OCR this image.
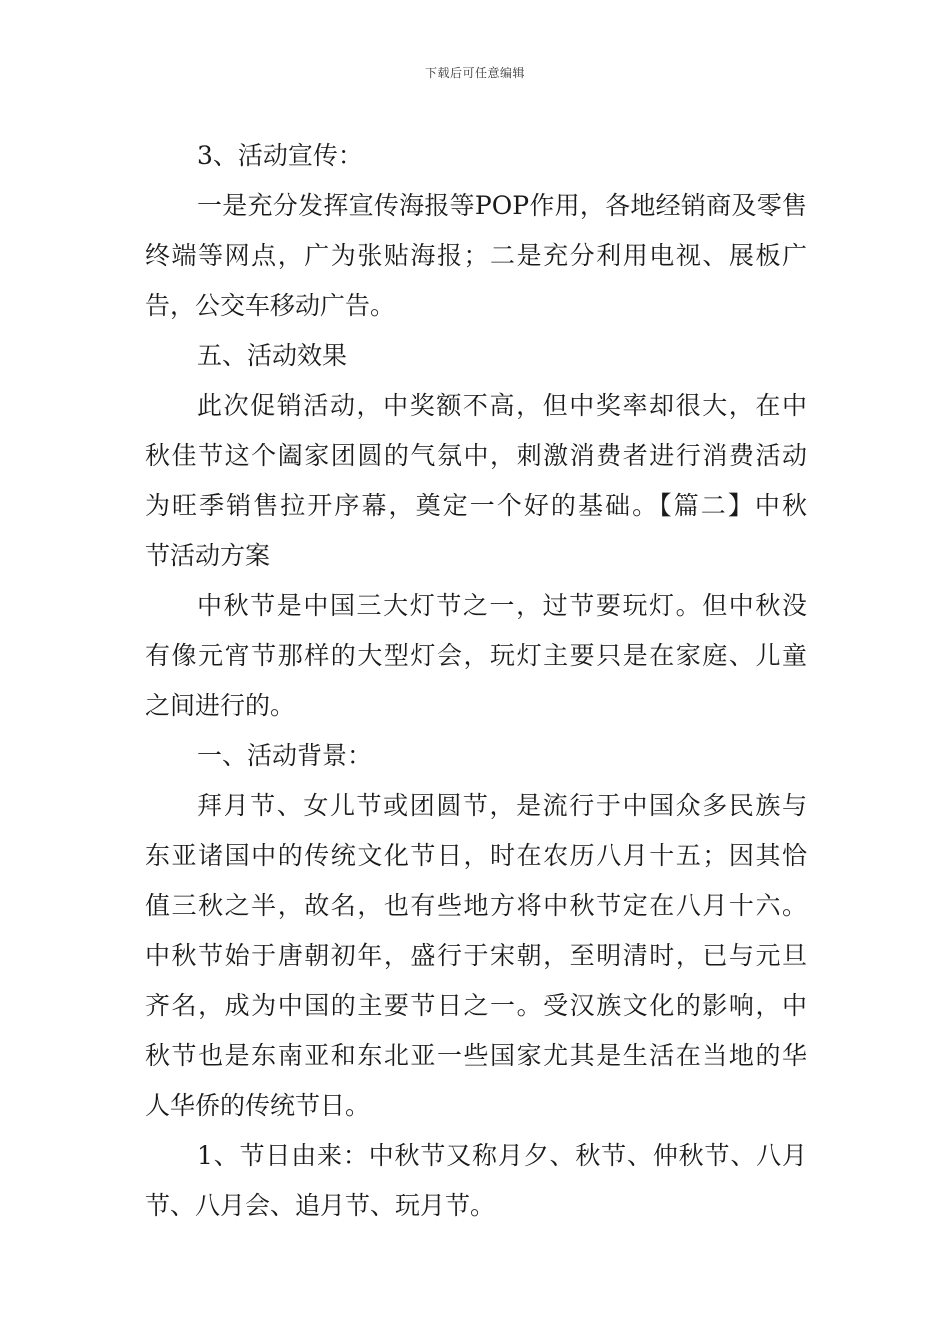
下载后可任意编辑
3、活动宣传：
一是充分发挥宣传海报等POP作用，各地经销商及零售
终端等网点，广为张贴海报；二是充分利用电视、展板广
告，公交车移动广告。
五、活动效果
此次促销活动，中奖额不高，但中奖率却很大，在中
秋佳节这个阖家团圆的气氛中，刺激消费者进行消费活动
为旺季销售拉开序幕，奠定一个好的基础。【篇二】中秋
节活动方案
中秋节是中国三大灯节之一，过节要玩灯。但中秋没
有像元宵节那样的大型灯会，玩灯主要只是在家庭、儿童
之间进行的。
一、活动背景：
拜月节、女儿节或团圆节，是流行于中国众多民族与
东亚诸国中的传统文化节日，时在农历八月十五；因其恰
值三秋之半，故名，也有些地方将中秋节定在八月十六。
中秋节始于唐朝初年，盛行于宋朝，至明清时，已与元旦
齐名，成为中国的主要节日之一。受汉族文化的影响，中
秋节也是东南亚和东北亚一些国家尤其是生活在当地的华
人华侨的传统节日。
1、节日由来：中秋节又称月夕、秋节、仲秋节、八月
节、八月会、追月节、玩月节。
